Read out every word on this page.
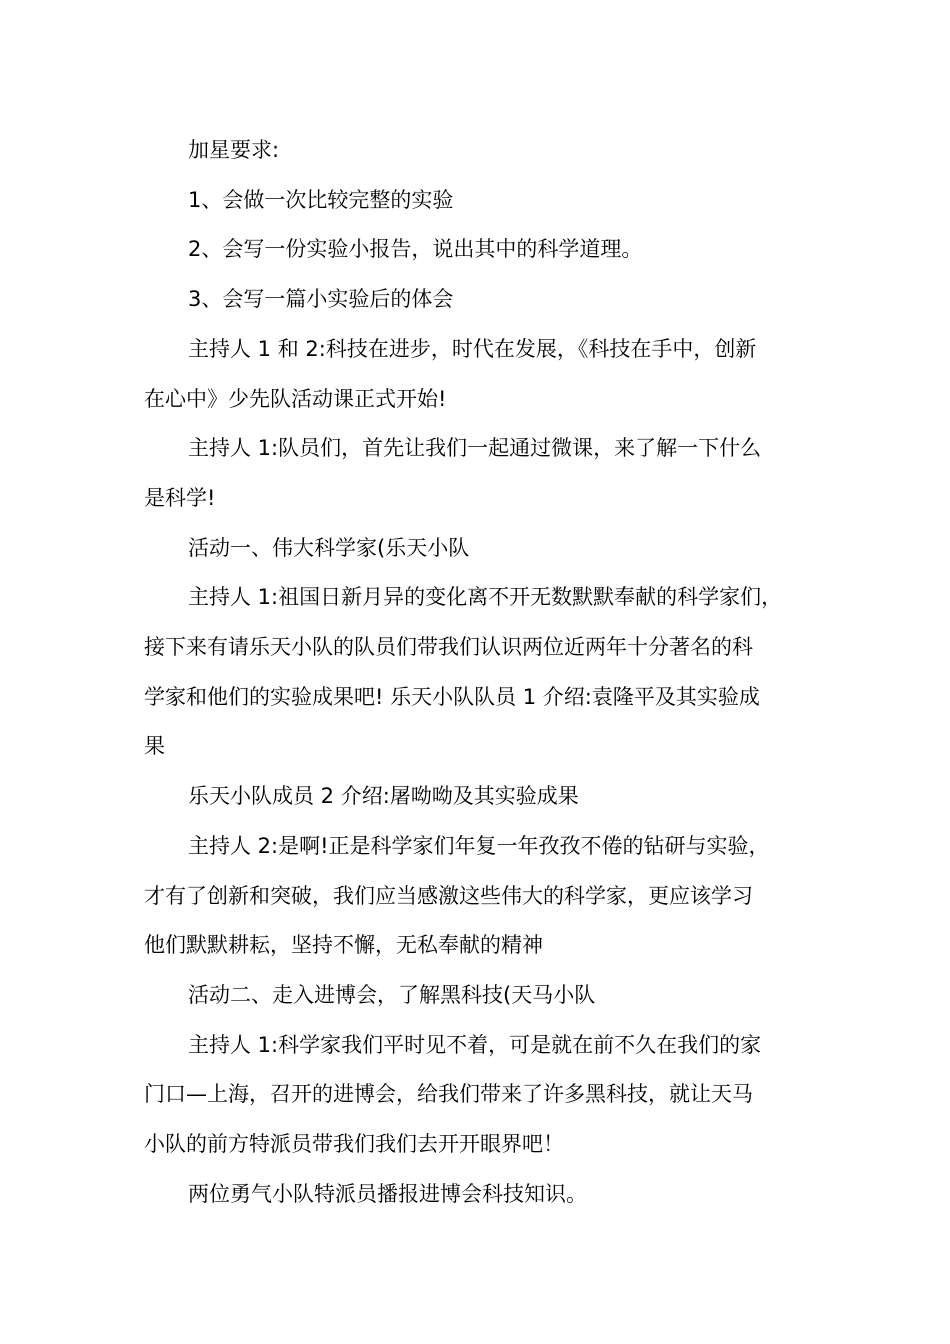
加星要求:

1、会做一次比较完整的实验

2、会写一份实验小报告，说出其中的科学道理。

3、会写一篇小实验后的体会

主持人 1 和 2:科技在进步，时代在发展，《科技在手中，创新
在心中》少先队活动课正式开始!

主持人 1:队员们，首先让我们一起通过微课，来了解一下什么
是科学!

活动一、伟大科学家(乐天小队

主持人 1:祖国日新月异的变化离不开无数默默奉献的科学家们，
接下来有请乐天小队的队员们带我们认识两位近两年十分著名的科
学家和他们的实验成果吧! 乐天小队队员 1 介绍:袁隆平及其实验成
果

乐天小队成员 2 介绍:屠呦呦及其实验成果

主持人 2:是啊!正是科学家们年复一年孜孜不倦的钻研与实验，
才有了创新和突破，我们应当感激这些伟大的科学家，更应该学习
他们默默耕耘，坚持不懈，无私奉献的精神

活动二、走入进博会，了解黑科技(天马小队

主持人 1:科学家我们平时见不着，可是就在前不久在我们的家
门口—上海，召开的进博会，给我们带来了许多黑科技，就让天马
小队的前方特派员带我们我们去开开眼界吧！

两位勇气小队特派员播报进博会科技知识。
